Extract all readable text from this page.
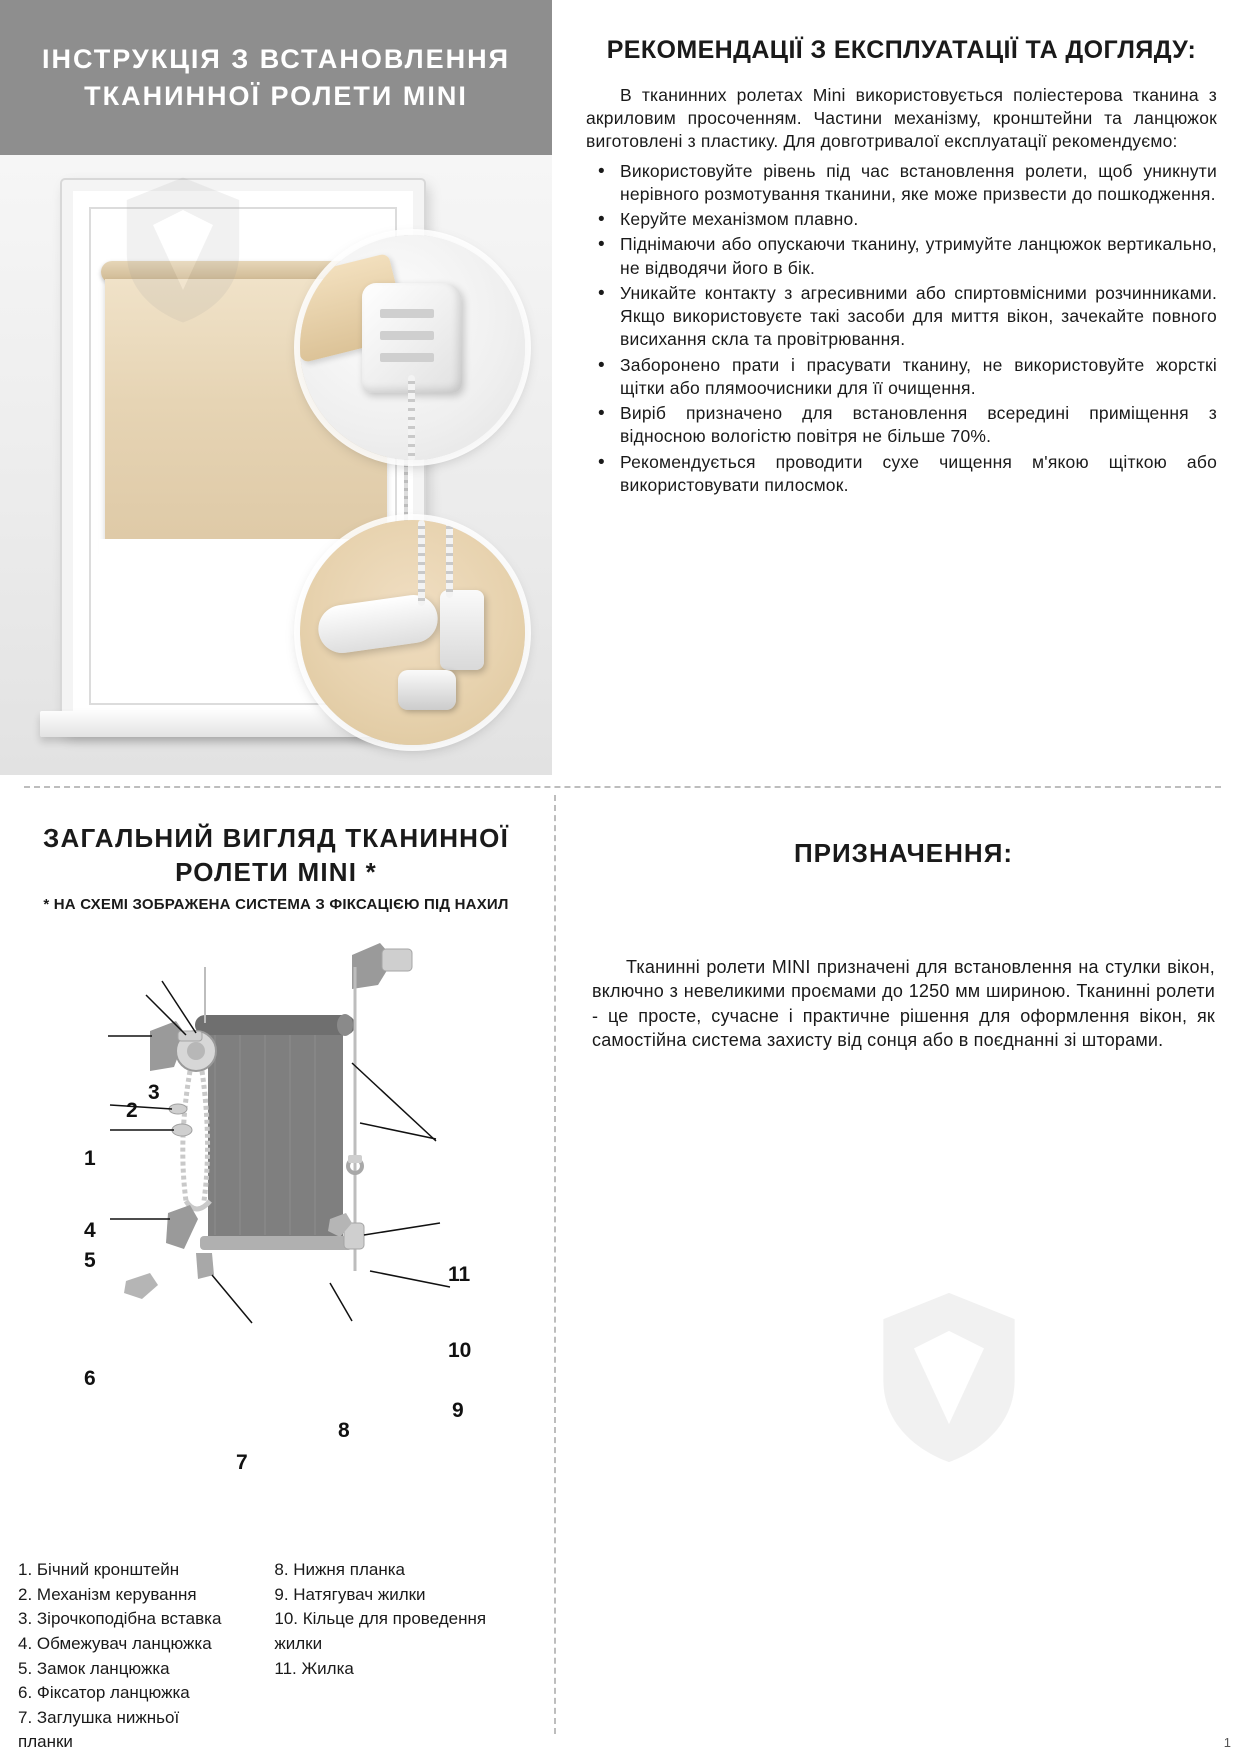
ІНСТРУКЦІЯ З ВСТАНОВЛЕННЯ ТКАНИННОЇ РОЛЕТИ MINI
РЕКОМЕНДАЦІЇ З ЕКСПЛУАТАЦІЇ ТА ДОГЛЯДУ:

В тканинних ролетах Mini використовується поліестерова тканина з акриловим просоченням. Частини механізму, кронштейни та ланцюжок виготовлені з пластику. Для довготривалої експлуатації рекомендуємо:

• Використовуйте рівень під час встановлення ролети, щоб уникнути нерівного розмотування тканини, яке може призвести до пошкодження.
• Керуйте механізмом плавно.
• Піднімаючи або опускаючи тканину, утримуйте ланцюжок вертикально, не відводячи його в бік.
• Уникайте контакту з агресивними або спиртовмісними розчинниками. Якщо використовуєте такі засоби для миття вікон, зачекайте повного висихання скла та провітрювання.
• Заборонено прати і прасувати тканину, не використовуйте жорсткі щітки або плямоочисники для її очищення.
• Виріб призначено для встановлення всередині приміщення з відносною вологістю повітря не більше 70%.
• Рекомендується проводити сухе чищення м'якою щіткою або використовувати пилосмок.
ЗАГАЛЬНИЙ ВИГЛЯД ТКАНИННОЇ РОЛЕТИ MINI *
* НА СХЕМІ ЗОБРАЖЕНА СИСТЕМА З ФІКСАЦІЄЮ ПІД НАХИЛ
1
2
3
4
5
6
7
8
9
10
11
1. Бічний кронштейн
2. Механізм керування
3. Зірочкоподібна вставка
4. Обмежувач ланцюжка
5. Замок ланцюжка
6. Фіксатор ланцюжка
7. Заглушка нижньої планки
8. Нижня планка
9. Натягувач жилки
10. Кільце для проведення жилки
11. Жилка
ПРИЗНАЧЕННЯ:

Тканинні ролети MINI призначені для встановлення на стулки вікон, включно з невеликими проємами до 1250 мм шириною. Тканинні ролети - це просте, сучасне і практичне рішення для оформлення вікон, як самостійна система захисту від сонця або в поєднанні зі шторами.

1
